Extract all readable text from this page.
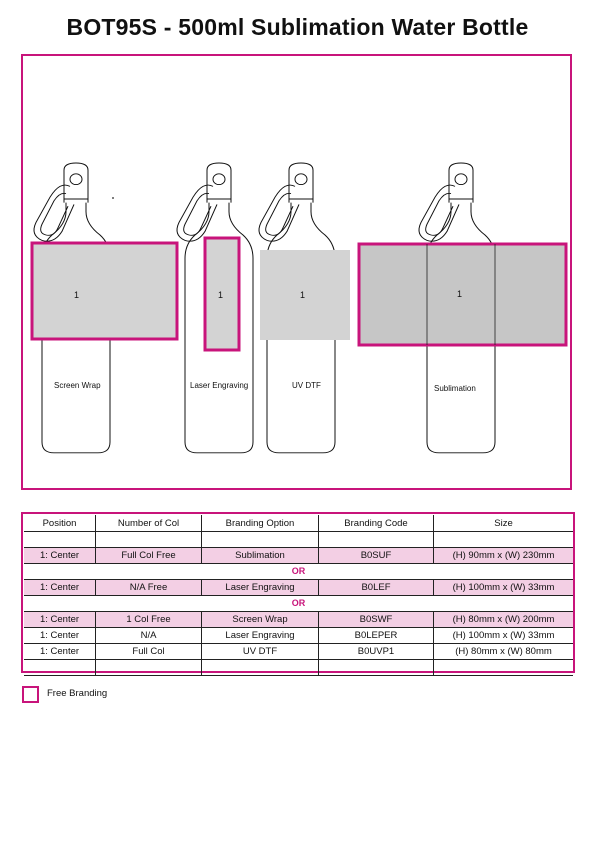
BOT95S - 500ml Sublimation Water Bottle
1	1	1	1
Screen Wrap	Laser Engraving	UV DTF	Sublimation
Position	Number of Col	Branding Option	Branding Code	Size
1: Center	Full Col Free	Sublimation	B0SUF	(H) 90mm x (W) 230mm
OR
1: Center	N/A Free	Laser Engraving	B0LEF	(H) 100mm x (W) 33mm
OR
1: Center	1 Col Free	Screen Wrap	B0SWF	(H) 80mm x (W) 200mm
1: Center	N/A	Laser Engraving	B0LEPER	(H) 100mm x (W) 33mm
1: Center	Full Col	UV DTF	B0UVP1	(H) 80mm x (W) 80mm
Free Branding
